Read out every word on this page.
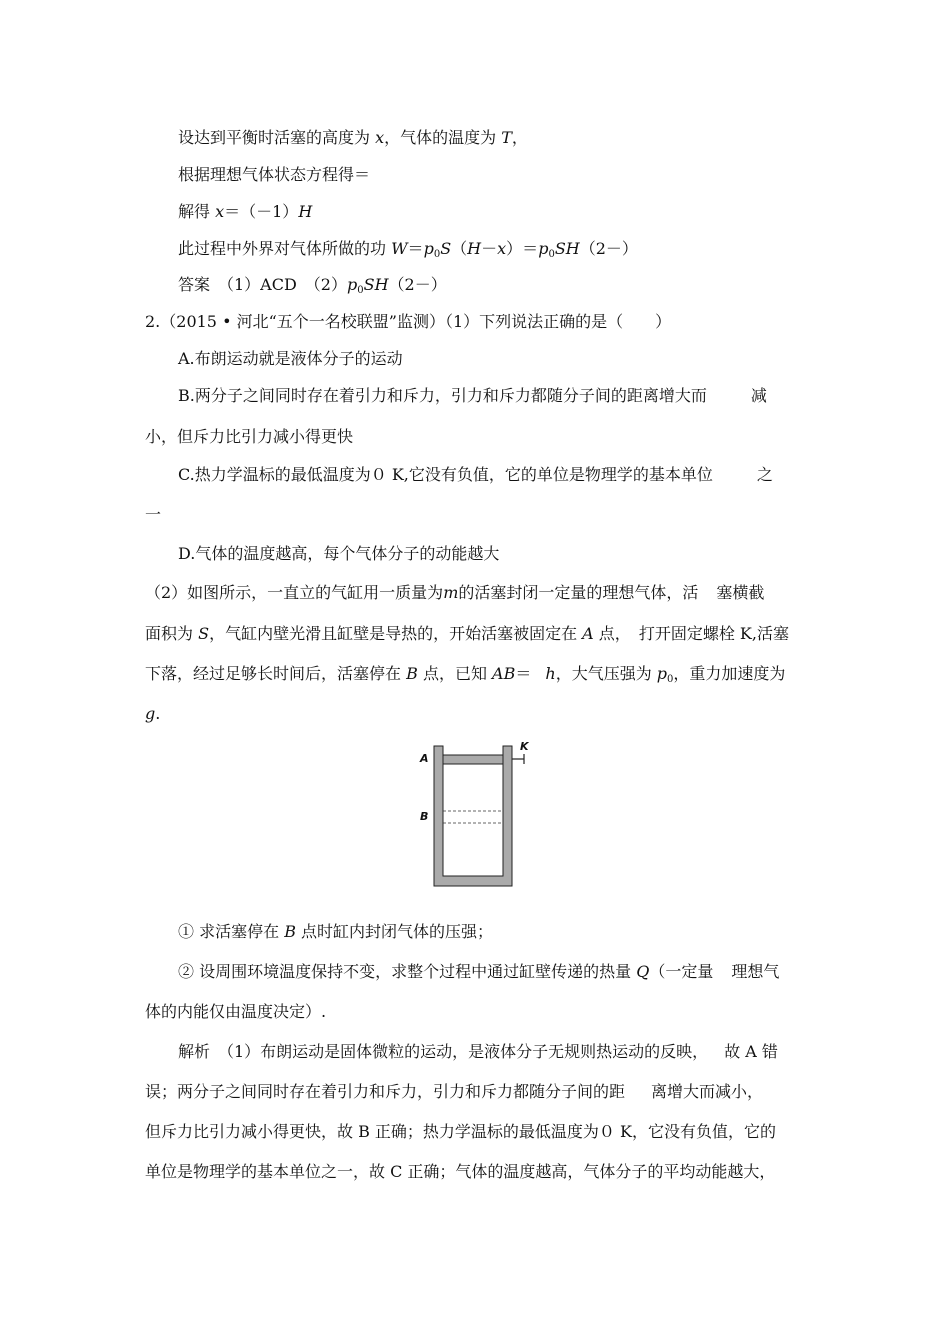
设达到平衡时活塞的高度为 x，气体的温度为 T，
根据理想气体状态方程得＝
解得 x＝（－1）H
此过程中外界对气体所做的功 $W=p_0S(H-x)=p_0SH(2-)$
答案　（1）ACD　$(2)p_0SH(2-)$
2.（2015 • 河北“五个一名校联盟”监测）（1）下列说法正确的是（　　）
A.布朗运动就是液体分子的运动
B.两分子之间同时存在着引力和斥力，引力和斥力都随分子间的距离增大而	减
小，但斥力比引力减小得更快
C.热力学温标的最低温度为０ K,它没有负值，它的单位是物理学的基本单位	之
一
D.气体的温度越高，每个气体分子的动能越大
（2）如图所示，一直立的气缸用一质量为m的活塞封闭一定量的理想气体，活 塞横截
面积为 S，气缸内壁光滑且缸壁是导热的，开始活塞被固定在 A 点， 打开固定螺栓 K,活塞
下落，经过足够长时间后，活塞停在 B 点，已知 AB＝ h，大气压强为 $p_0$，重力加速度为
g.
A
B
K
① 求活塞停在 B 点时缸内封闭气体的压强；
② 设周围环境温度保持不变，求整个过程中通过缸壁传递的热量 Q（一定量 理想气
体的内能仅由温度决定）.
解析　（1）布朗运动是固体微粒的运动，是液体分子无规则热运动的反映， 故 A 错
误；两分子之间同时存在着引力和斥力，引力和斥力都随分子间的距 离增大而减小，
但斥力比引力减小得更快，故 B 正确；热力学温标的最低温度为０ K，它没有负值，它的
单位是物理学的基本单位之一，故 C 正确；气体的温度越高，气体分子的平均动能越大，
